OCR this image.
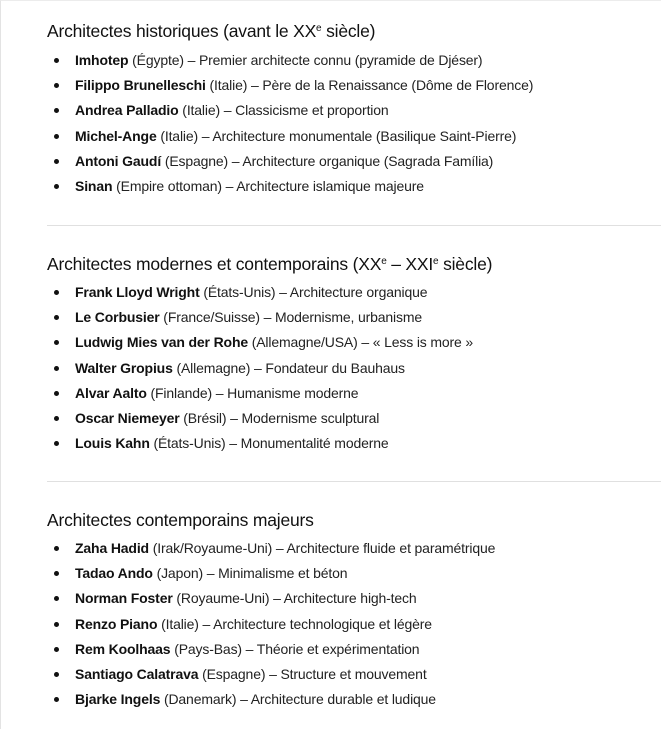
Architectes historiques (avant le XXe siècle)
Imhotep (Égypte) – Premier architecte connu (pyramide de Djéser)
Filippo Brunelleschi (Italie) – Père de la Renaissance (Dôme de Florence)
Andrea Palladio (Italie) – Classicisme et proportion
Michel-Ange (Italie) – Architecture monumentale (Basilique Saint-Pierre)
Antoni Gaudí (Espagne) – Architecture organique (Sagrada Família)
Sinan (Empire ottoman) – Architecture islamique majeure
Architectes modernes et contemporains (XXe – XXIe siècle)
Frank Lloyd Wright (États-Unis) – Architecture organique
Le Corbusier (France/Suisse) – Modernisme, urbanisme
Ludwig Mies van der Rohe (Allemagne/USA) – « Less is more »
Walter Gropius (Allemagne) – Fondateur du Bauhaus
Alvar Aalto (Finlande) – Humanisme moderne
Oscar Niemeyer (Brésil) – Modernisme sculptural
Louis Kahn (États-Unis) – Monumentalité moderne
Architectes contemporains majeurs
Zaha Hadid (Irak/Royaume-Uni) – Architecture fluide et paramétrique
Tadao Ando (Japon) – Minimalisme et béton
Norman Foster (Royaume-Uni) – Architecture high-tech
Renzo Piano (Italie) – Architecture technologique et légère
Rem Koolhaas (Pays-Bas) – Théorie et expérimentation
Santiago Calatrava (Espagne) – Structure et mouvement
Bjarke Ingels (Danemark) – Architecture durable et ludique
